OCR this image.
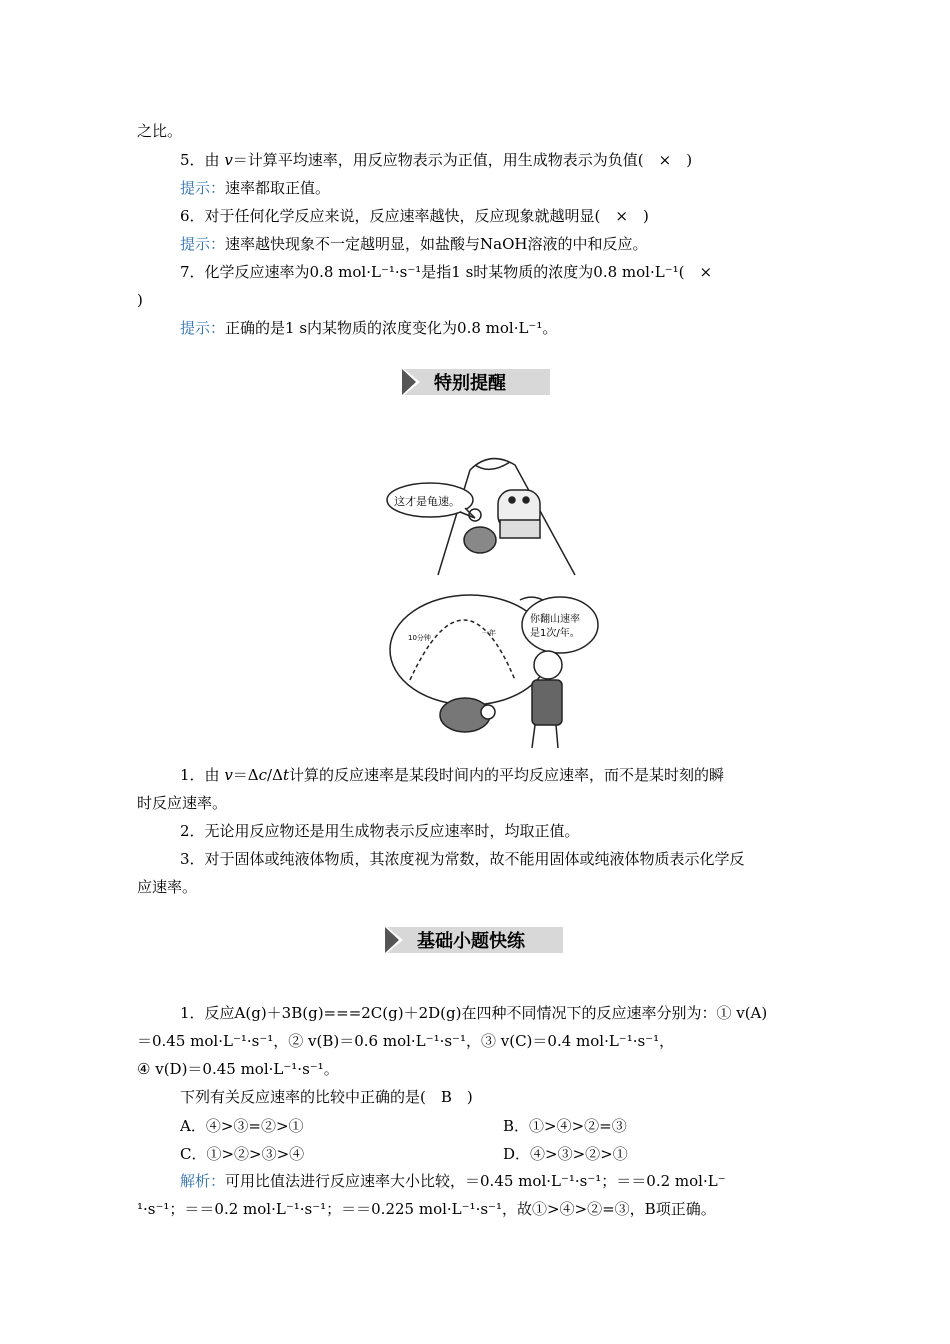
之比。
5．由 v＝计算平均速率，用反应物表示为正值，用生成物表示为负值(　×　)
提示：速率都取正值。
6．对于任何化学反应来说，反应速率越快，反应现象就越明显(　×　)
提示：速率越快现象不一定越明显，如盐酸与NaOH溶液的中和反应。
7．化学反应速率为0.8 mol·L⁻¹·s⁻¹是指1 s时某物质的浓度为0.8 mol·L⁻¹(　×
)
提示：正确的是1 s内某物质的浓度变化为0.8 mol·L⁻¹。
特别提醒
这才是龟速。
你翻山速率
是1次/年。
10分钟
一年
1．由 v＝Δc/Δt计算的反应速率是某段时间内的平均反应速率，而不是某时刻的瞬
时反应速率。
2．无论用反应物还是用生成物表示反应速率时，均取正值。
3．对于固体或纯液体物质，其浓度视为常数，故不能用固体或纯液体物质表示化学反
应速率。
基础小题快练
1．反应A(g)＋3B(g)===2C(g)＋2D(g)在四种不同情况下的反应速率分别为：① v(A)
＝0.45 mol·L⁻¹·s⁻¹，② v(B)＝0.6 mol·L⁻¹·s⁻¹，③ v(C)＝0.4 mol·L⁻¹·s⁻¹，
④ v(D)＝0.45 mol·L⁻¹·s⁻¹。
下列有关反应速率的比较中正确的是(　B　)
A．④>③=②>①	B．①>④>②=③
C．①>②>③>④	D．④>③>②>①
解析：可用比值法进行反应速率大小比较，＝0.45 mol·L⁻¹·s⁻¹；＝＝0.2 mol·L⁻
¹·s⁻¹；＝＝0.2 mol·L⁻¹·s⁻¹；＝＝0.225 mol·L⁻¹·s⁻¹，故①>④>②=③，B项正确。
